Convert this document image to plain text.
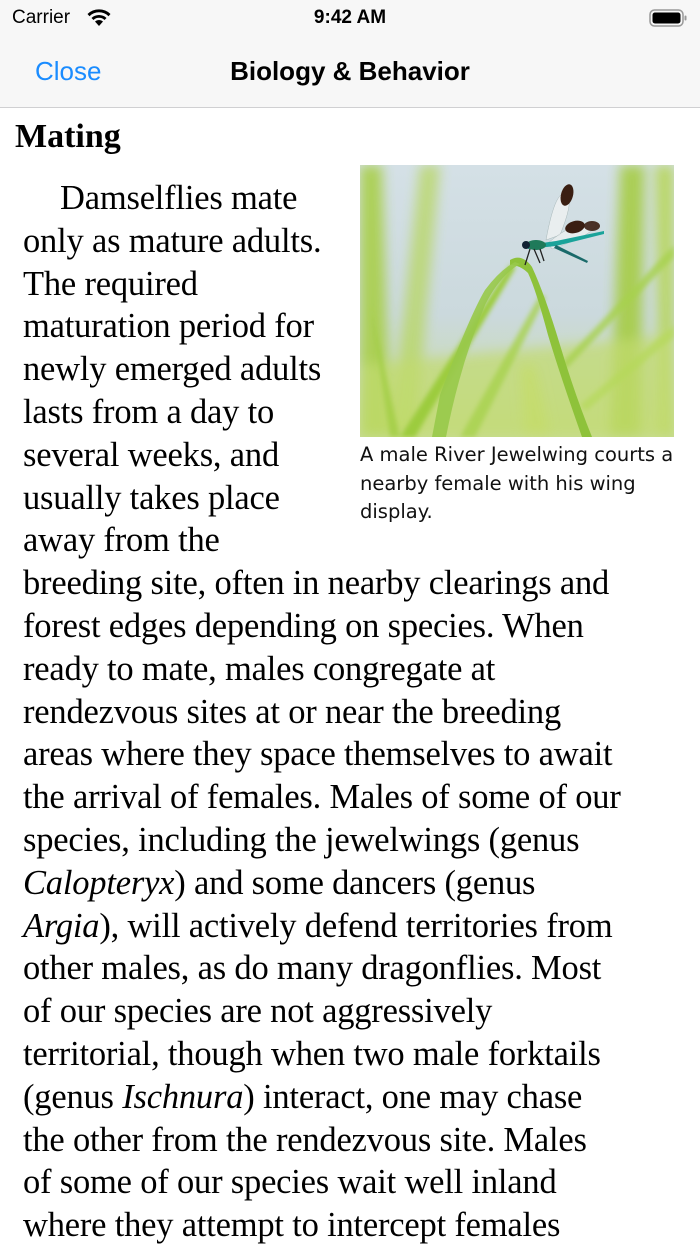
Carrier	9:42 AM
Close	Biology & Behavior
Mating
A male River Jewelwing courts a nearby female with his wing display.
Damselflies mate
only as mature adults.
The required
maturation period for
newly emerged adults
lasts from a day to
several weeks, and
usually takes place
away from the
breeding site, often in nearby clearings and
forest edges depending on species. When
ready to mate, males congregate at
rendezvous sites at or near the breeding
areas where they space themselves to await
the arrival of females. Males of some of our
species, including the jewelwings (genus
Calopteryx) and some dancers (genus
Argia), will actively defend territories from
other males, as do many dragonflies. Most
of our species are not aggressively
territorial, though when two male forktails
(genus Ischnura) interact, one may chase
the other from the rendezvous site. Males
of some of our species wait well inland
where they attempt to intercept females
